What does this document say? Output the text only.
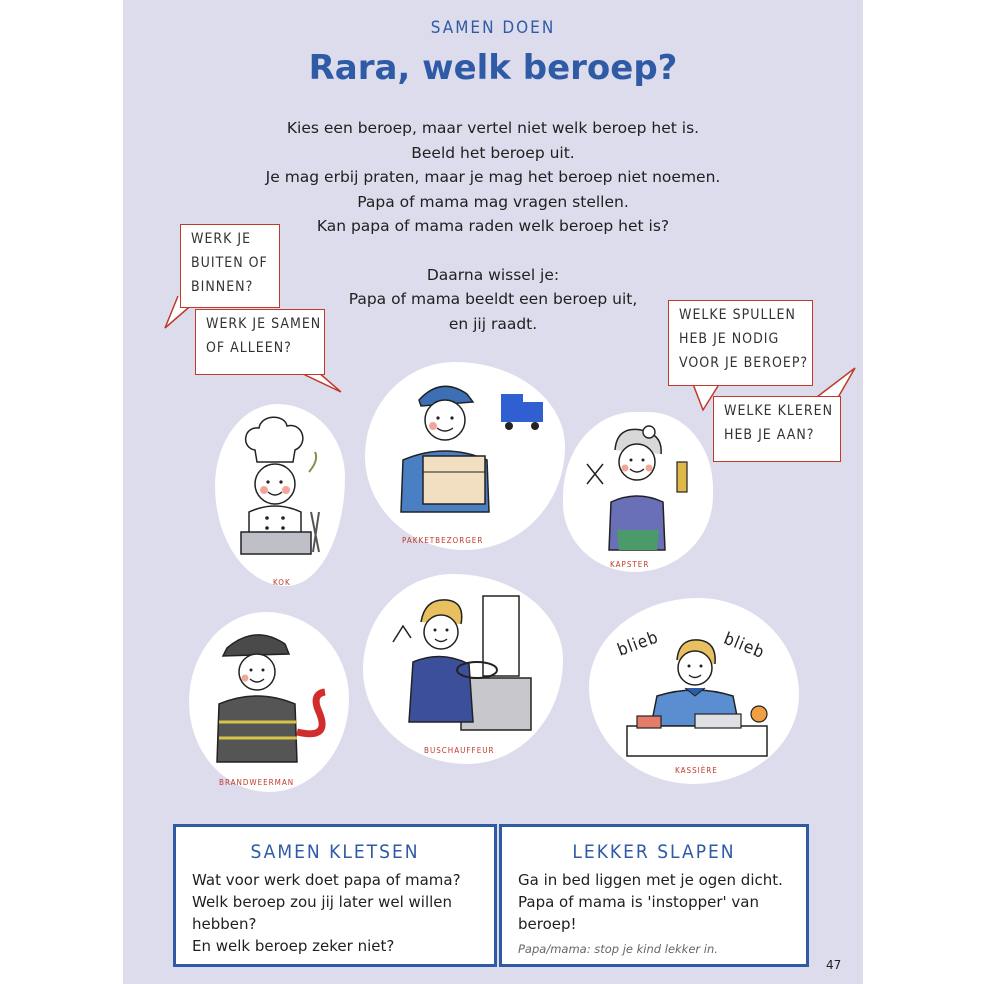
SAMEN DOEN
Rara, welk beroep?
Kies een beroep, maar vertel niet welk beroep het is.
Beeld het beroep uit.
Je mag erbij praten, maar je mag het beroep niet noemen.
Papa of mama mag vragen stellen.
Kan papa of mama raden welk beroep het is?
Daarna wissel je:
Papa of mama beeldt een beroep uit,
en jij raadt.
WERK JE
BUITEN OF
BINNEN?
WERK JE SAMEN
OF ALLEEN?
WELKE SPULLEN
HEB JE NODIG
VOOR JE BEROEP?
WELKE KLEREN
HEB JE AAN?
KOK
PAKKETBEZORGER
KAPSTER
BRANDWEERMAN
BUSCHAUFFEUR
blieb	blieb
KASSIÈRE
SAMEN KLETSEN
Wat voor werk doet papa of mama?
Welk beroep zou jij later wel willen
hebben?
En welk beroep zeker niet?
LEKKER SLAPEN
Ga in bed liggen met je ogen dicht.
Papa of mama is 'instopper' van
beroep!
Papa/mama: stop je kind lekker in.
47
